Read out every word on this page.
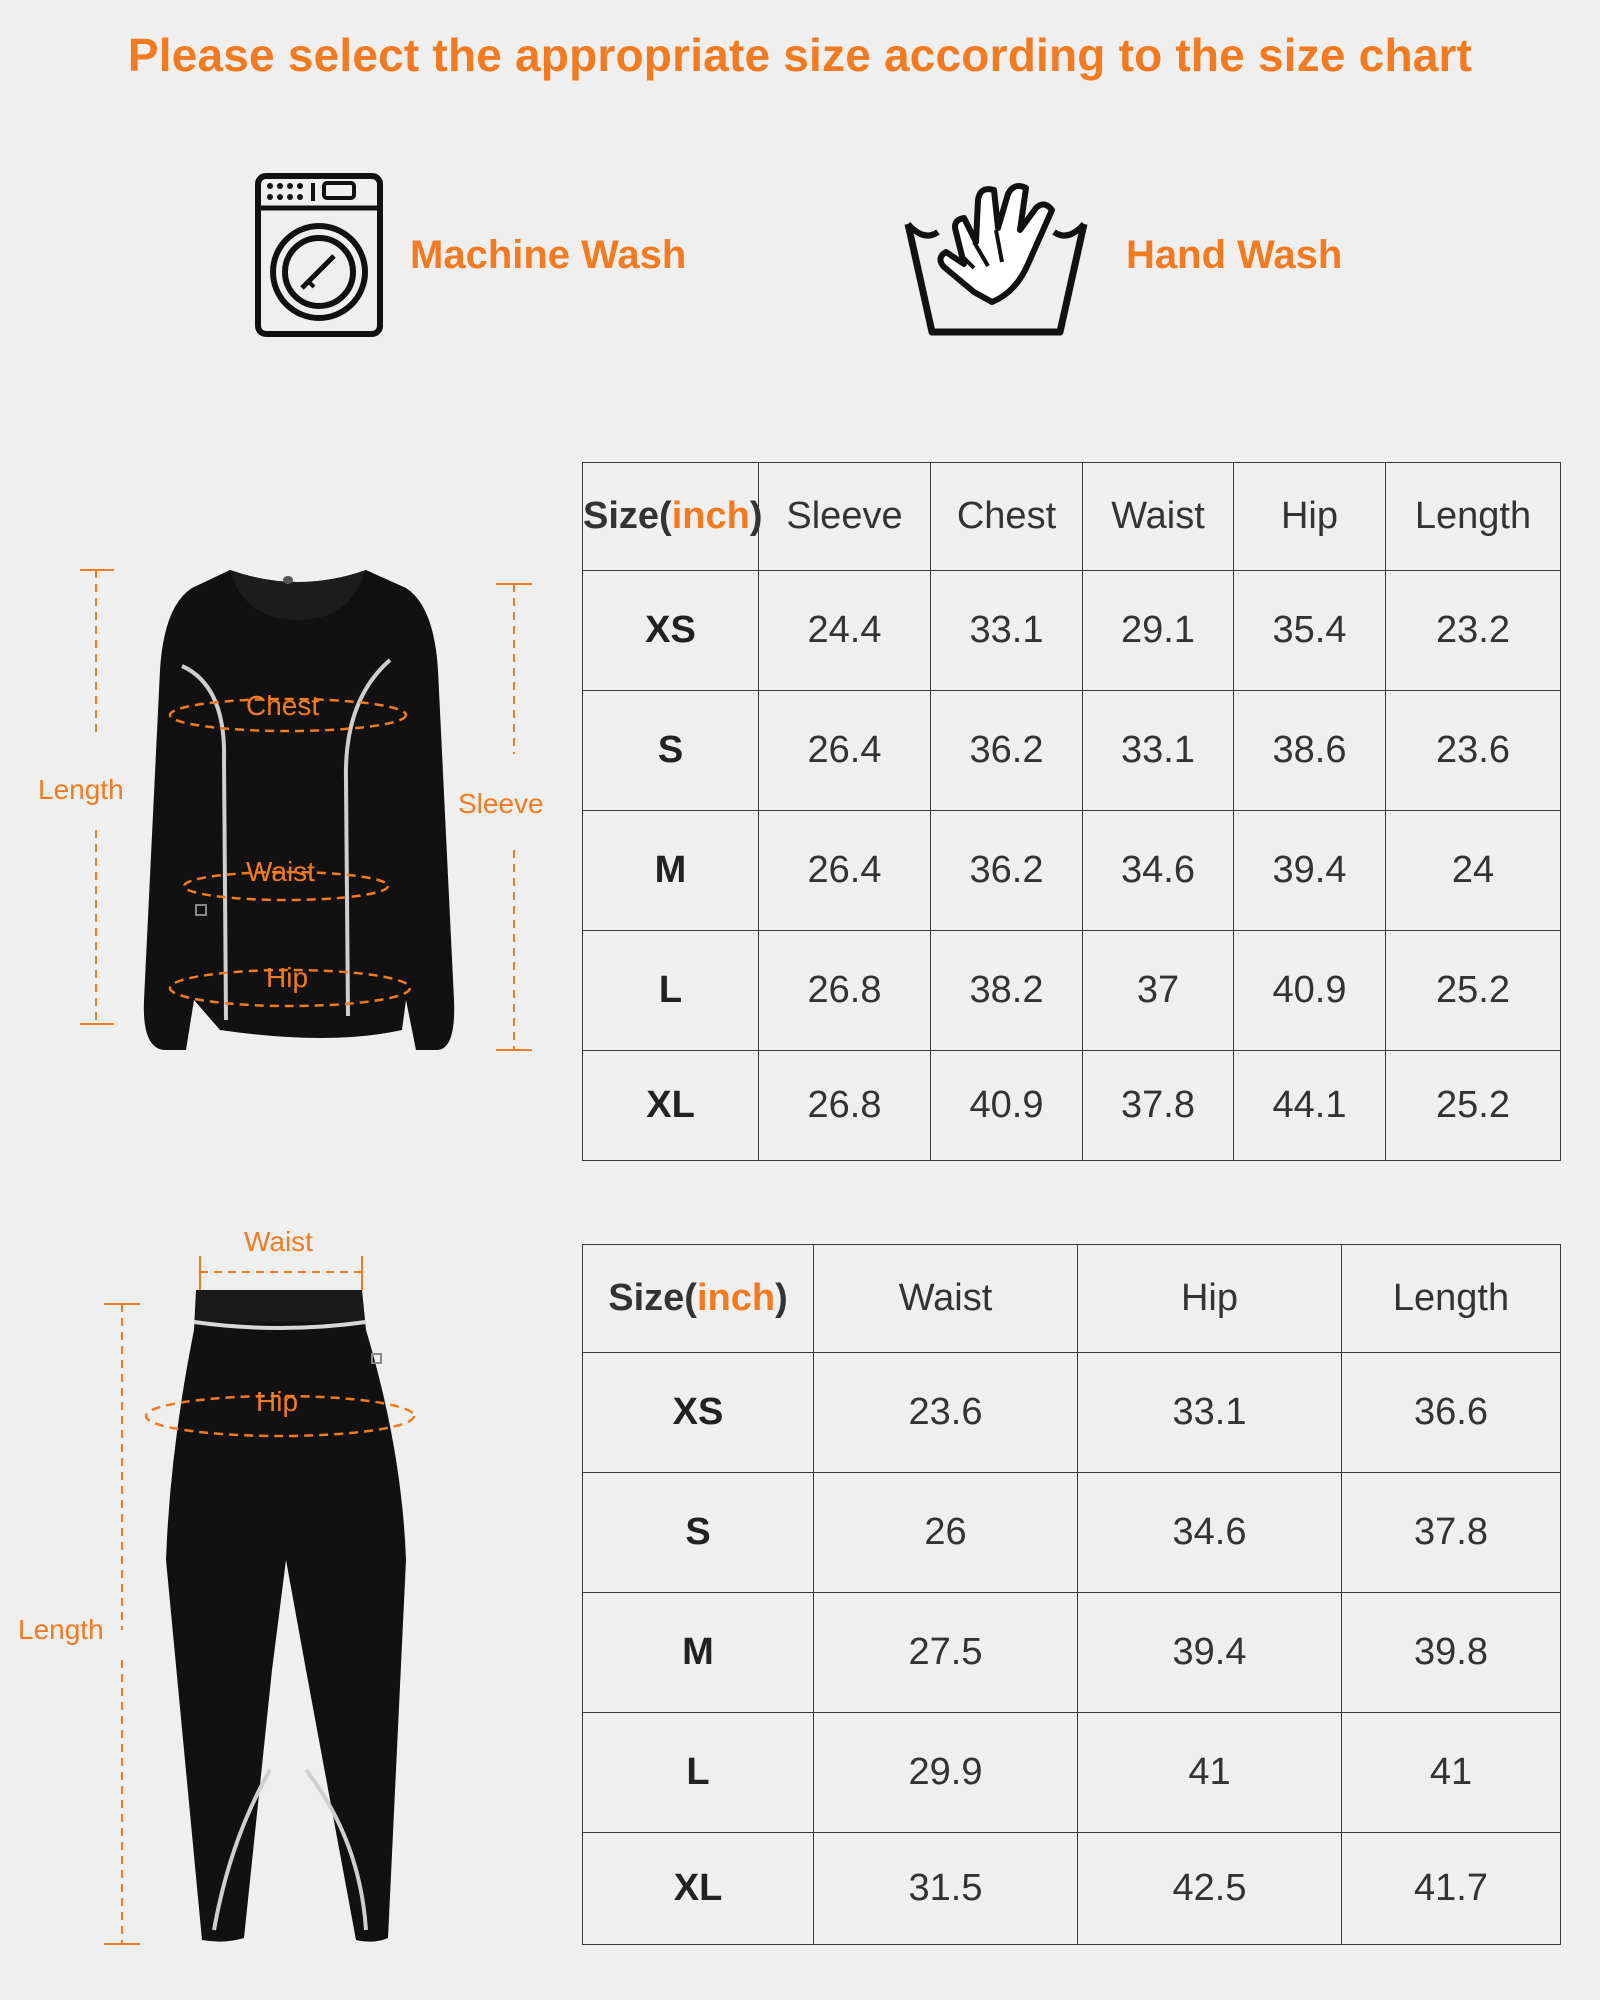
Please select the appropriate size according to the size chart
Machine Wash	Hand Wash
Chest
Waist
Hip
Length	Sleeve
Size(inch)	Sleeve	Chest	Waist	Hip	Length
XS	24.4	33.1	29.1	35.4	23.2
S	26.4	36.2	33.1	38.6	23.6
M	26.4	36.2	34.6	39.4	24
L	26.8	38.2	37	40.9	25.2
XL	26.8	40.9	37.8	44.1	25.2
Waist
Hip
Length
Size(inch)	Waist	Hip	Length
XS	23.6	33.1	36.6
S	26	34.6	37.8
M	27.5	39.4	39.8
L	29.9	41	41
XL	31.5	42.5	41.7
